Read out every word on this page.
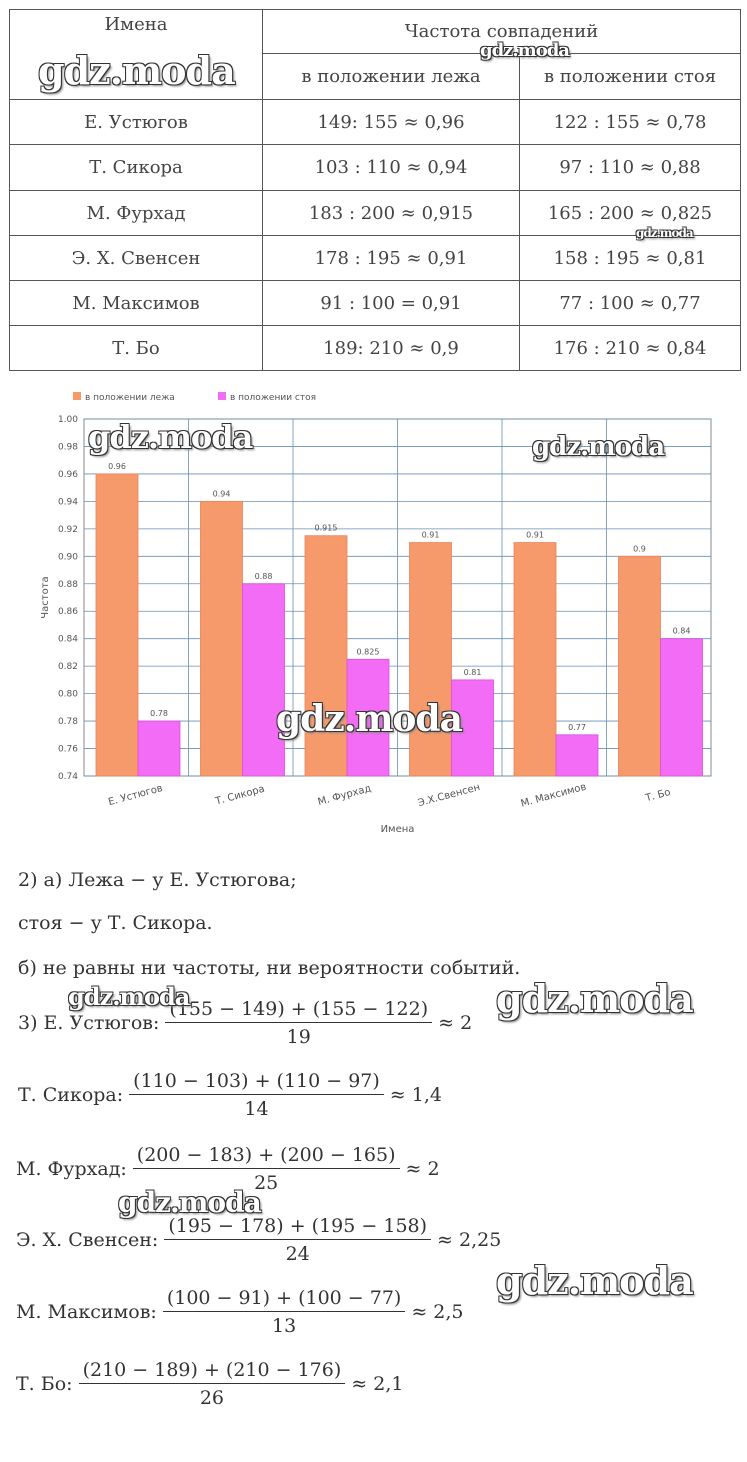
Имена	Частота совпадений	
	в положении лежа	в положении стоя
Е. Устюгов	149: 155 ≈ 0,96	122 : 155 ≈ 0,78
Т. Сикора	103 : 110 ≈ 0,94	97 : 110 ≈ 0,88
М. Фурхад	183 : 200 ≈ 0,915	165 : 200 ≈ 0,825
Э. Х. Свенсен	178 : 195 ≈ 0,91	158 : 195 ≈ 0,81
М. Максимов	91 : 100 = 0,91	77 : 100 ≈ 0,77
Т. Бо	189: 210 ≈ 0,9	176 : 210 ≈ 0,84
1.00
0.98
0.96
0.94
0.92
0.90
0.88
0.86
0.84
0.82
0.80
0.78
0.76
0.74
0.96
0.78
Е. Устюгов
0.94
0.88
Т. Сикора
0.915
0.825
М. Фурхад
0.91
0.81
Э.Х.Свенсен
0.91
0.77
М. Максимов
0.9
0.84
Т. Бо
в положении лежа	в положении стоя
Имена
Частота
2) а) Лежа − у Е. Устюгова;
стоя − у Т. Сикора.
б) не равны ни частоты, ни вероятности событий.
3) Е. Устюгов: $\frac{(155 - 149) + (155 - 122)}{19} \approx 2$
Т. Сикора: $\frac{(110 - 103) + (110 - 97)}{14} \approx 1,4$
М. Фурхад: $\frac{(200 - 183) + (200 - 165)}{25} \approx 2$
Э. Х. Свенсен: $\frac{(195 - 178) + (195 - 158)}{24} \approx 2,25$
М. Максимов: $\frac{(100 - 91) + (100 - 77)}{13} \approx 2,5$
Т. Бо: $\frac{(210 - 189) + (210 - 176)}{26} \approx 2,1$
gdz.moda	gdz.moda
gdz.moda
gdz.moda	gdz.moda
gdz.moda
gdz.moda	gdz.moda
gdz.moda
gdz.moda
